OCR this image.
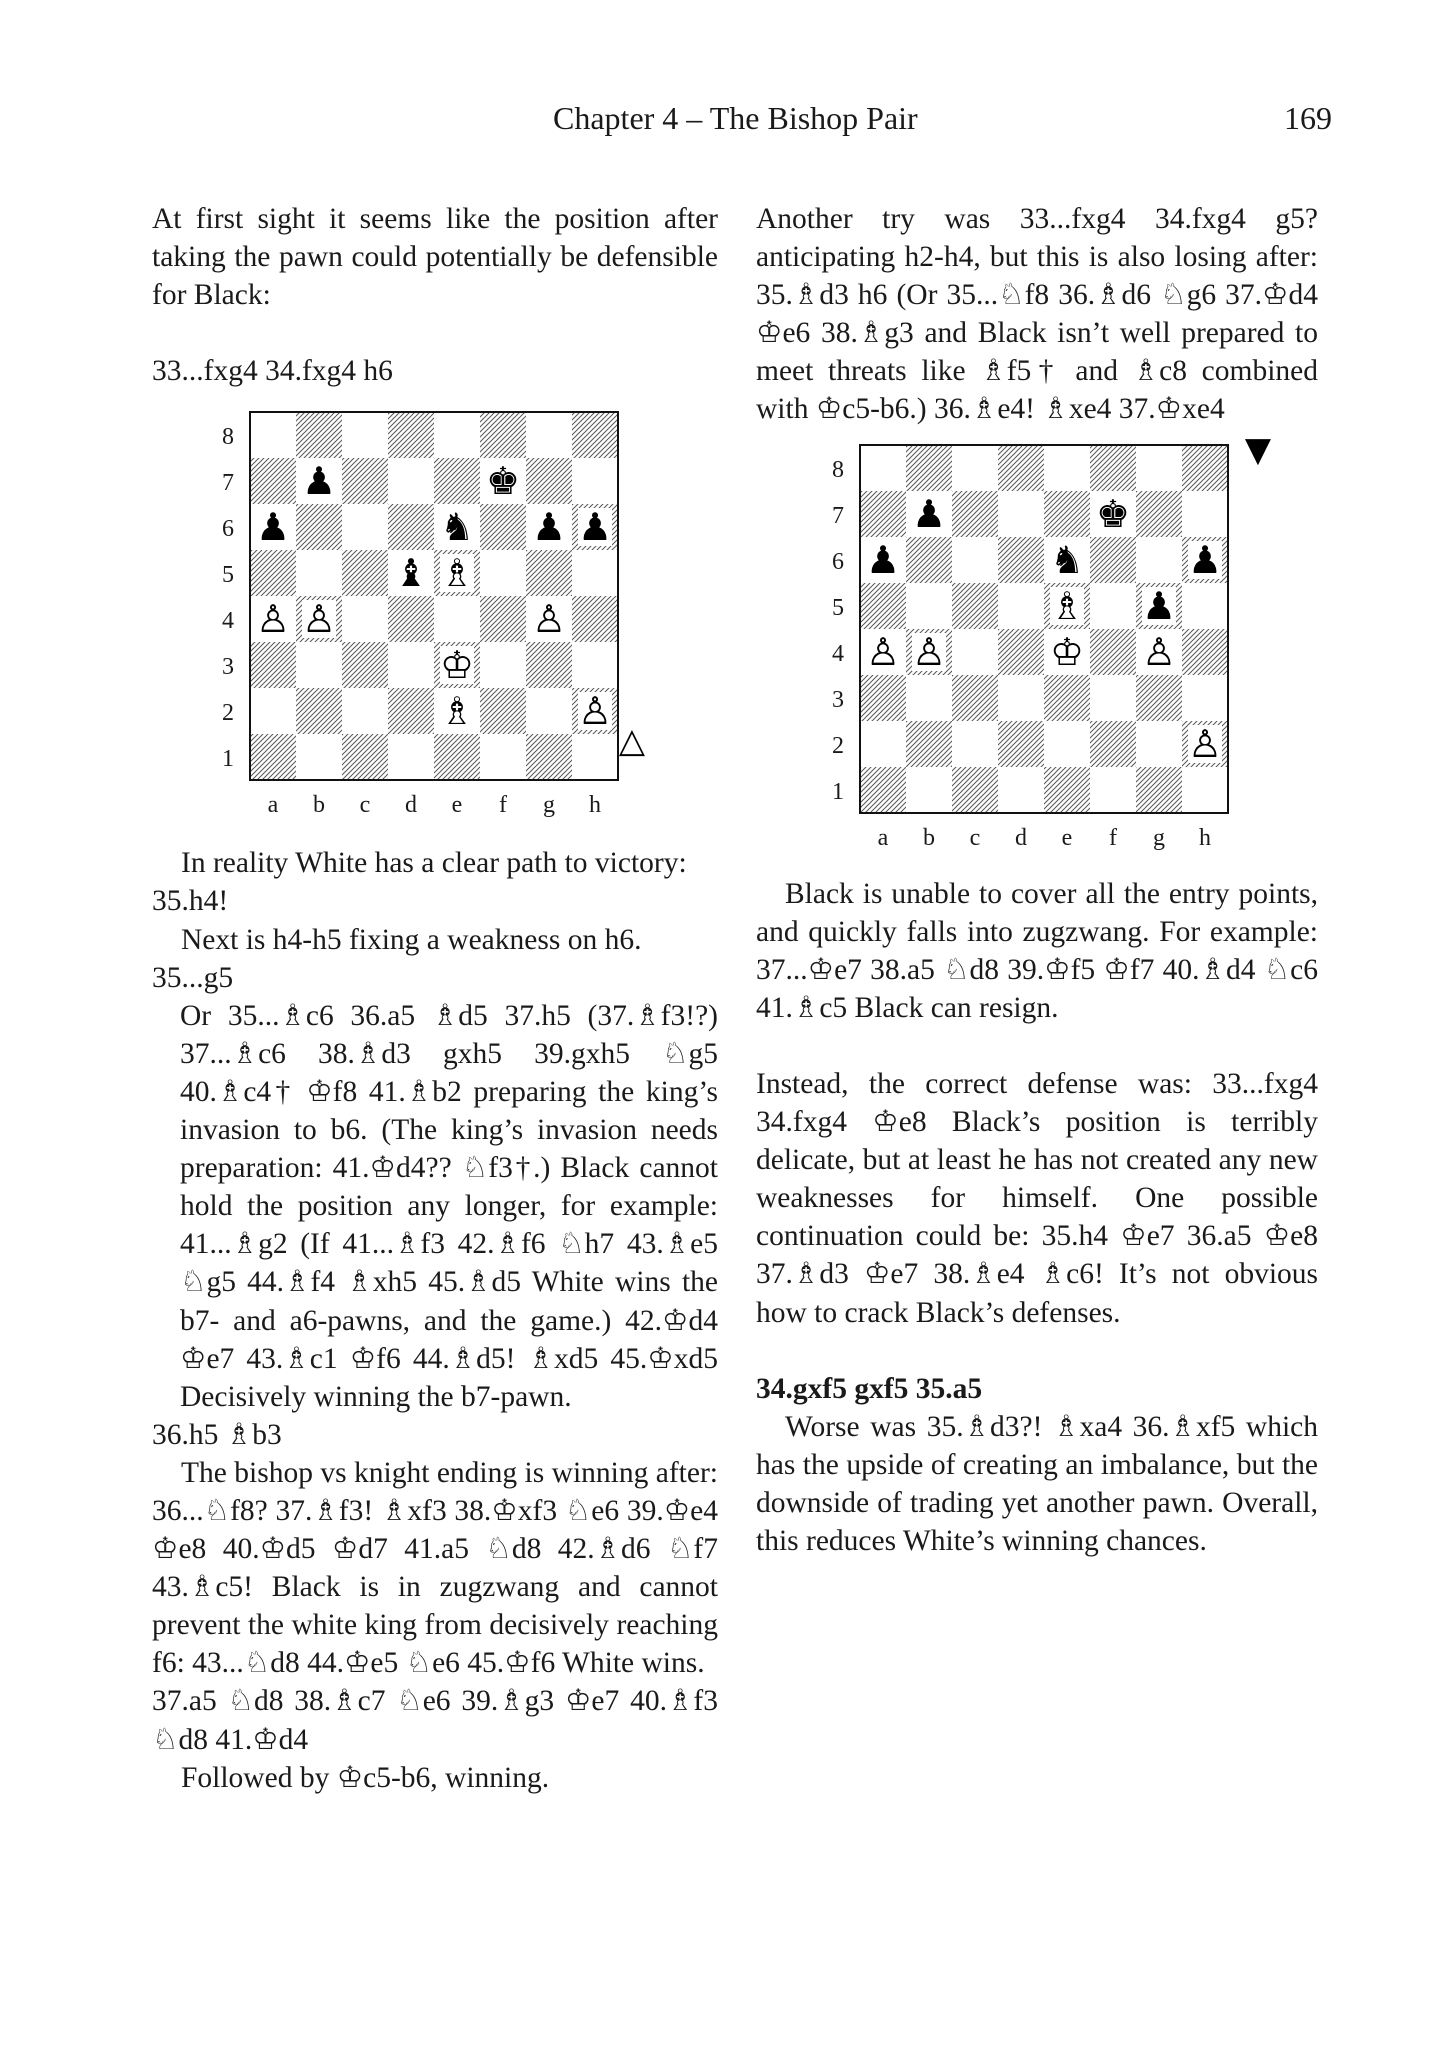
Chapter 4 – The Bishop Pair	169

At first sight it seems like the position after taking the pawn could potentially be defensible for Black:

33...fxg4 34.fxg4 h6

8
7
6
5
4
3
2
1
a b c d e f g h
♟	♚
♟	♞ ♟ ♟
♝ ♗
♙ ♙	♙
♔
♗	♙
△

In reality White has a clear path to victory:

35.h4!

Next is h4-h5 fixing a weakness on h6.

35...g5

Or 35...♗c6 36.a5 ♗d5 37.h5 (37.♗f3!?) 37...♗c6 38.♗d3 gxh5 39.gxh5 ♘g5 40.♗c4† ♔f8 41.♗b2 preparing the king’s invasion to b6. (The king’s invasion needs preparation: 41.♔d4?? ♘f3†.) Black cannot hold the position any longer, for example: 41...♗g2 (If 41...♗f3 42.♗f6 ♘h7 43.♗e5 ♘g5 44.♗f4 ♗xh5 45.♗d5 White wins the b7- and a6-pawns, and the game.) 42.♔d4 ♔e7 43.♗c1 ♔f6 44.♗d5! ♗xd5 45.♔xd5 Decisively winning the b7-pawn.

36.h5 ♗b3

The bishop vs knight ending is winning after: 36...♘f8? 37.♗f3! ♗xf3 38.♔xf3 ♘e6 39.♔e4 ♔e8 40.♔d5 ♔d7 41.a5 ♘d8 42.♗d6 ♘f7 43.♗c5! Black is in zugzwang and cannot prevent the white king from decisively reaching f6: 43...♘d8 44.♔e5 ♘e6 45.♔f6 White wins.

37.a5 ♘d8 38.♗c7 ♘e6 39.♗g3 ♔e7 40.♗f3 ♘d8 41.♔d4

Followed by ♔c5-b6, winning.

Another try was 33...fxg4 34.fxg4 g5? anticipating h2-h4, but this is also losing after: 35.♗d3 h6 (Or 35...♘f8 36.♗d6 ♘g6 37.♔d4 ♔e6 38.♗g3 and Black isn’t well prepared to meet threats like ♗f5† and ♗c8 combined with ♔c5-b6.) 36.♗e4! ♗xe4 37.♔xe4

8
7
6
5
4
3
2
1
a b c d e f g h
♟	♚
♟	♞	♟
♗ ♟
♙ ♙	♔ ♙
♙
▼

Black is unable to cover all the entry points, and quickly falls into zugzwang. For example: 37...♔e7 38.a5 ♘d8 39.♔f5 ♔f7 40.♗d4 ♘c6 41.♗c5 Black can resign.

Instead, the correct defense was: 33...fxg4 34.fxg4 ♔e8 Black’s position is terribly delicate, but at least he has not created any new weaknesses for himself. One possible continuation could be: 35.h4 ♔e7 36.a5 ♔e8 37.♗d3 ♔e7 38.♗e4 ♗c6! It’s not obvious how to crack Black’s defenses.

34.gxf5 gxf5 35.a5

Worse was 35.♗d3?! ♗xa4 36.♗xf5 which has the upside of creating an imbalance, but the downside of trading yet another pawn. Overall, this reduces White’s winning chances.
